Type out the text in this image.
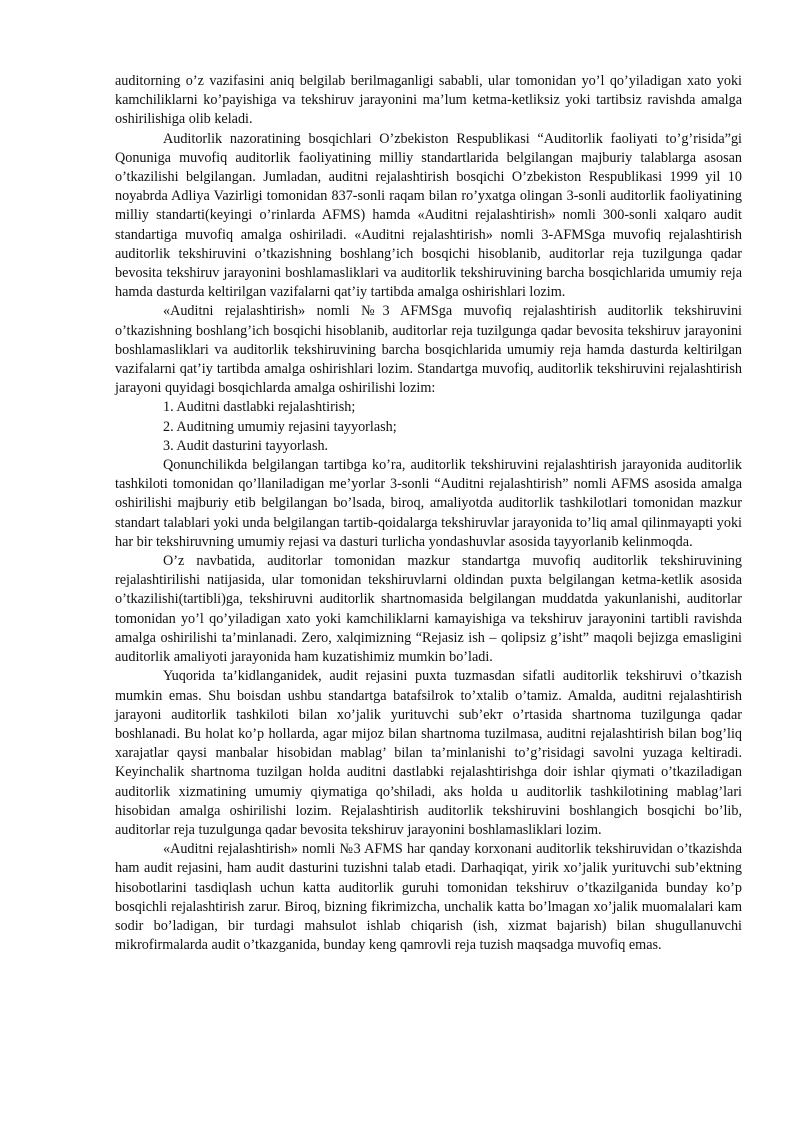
auditorning o’z vazifasini aniq belgilab berilmaganligi sababli, ular tomonidan yo’l qo’yiladigan xato yoki kamchiliklarni ko’payishiga va tekshiruv jarayonini ma’lum ketma-ketliksiz yoki tartibsiz ravishda amalga oshirilishiga olib keladi.

Auditorlik nazoratining bosqichlari O’zbekiston Respublikasi “Auditorlik faoliyati to’g’risida”gi Qonuniga muvofiq auditorlik faoliyatining milliy standartlarida belgilangan majburiy talablarga asosan o’tkazilishi belgilangan. Jumladan, auditni rejalashtirish bosqichi O’zbekiston Respublikasi 1999 yil 10 noyabrda Adliya Vazirligi tomonidan 837-sonli raqam bilan ro’yxatga olingan 3-sonli auditorlik faoliyatining milliy standarti(keyingi o’rinlarda AFMS) hamda «Auditni rejalashtirish» nomli 300-sonli xalqaro audit standartiga muvofiq amalga oshiriladi. «Auditni rejalashtirish» nomli 3-AFMSga muvofiq rejalashtirish auditorlik tekshiruvini o’tkazishning boshlang’ich bosqichi hisoblanib, auditorlar reja tuzilgunga qadar bevosita tekshiruv jarayonini boshlamasliklari va auditorlik tekshiruvining barcha bosqichlarida umumiy reja hamda dasturda keltirilgan vazifalarni qat’iy tartibda amalga oshirishlari lozim.

«Auditni rejalashtirish» nomli №3 AFMSga muvofiq rejalashtirish auditorlik tekshiruvini o’tkazishning boshlang’ich bosqichi hisoblanib, auditorlar reja tuzilgunga qadar bevosita tekshiruv jarayonini boshlamasliklari va auditorlik tekshiruvining barcha bosqichlarida umumiy reja hamda dasturda keltirilgan vazifalarni qat’iy tartibda amalga oshirishlari lozim. Standartga muvofiq, auditorlik tekshiruvini rejalashtirish jarayoni quyidagi bosqichlarda amalga oshirilishi lozim:

1. Auditni dastlabki rejalashtirish;

2. Auditning umumiy rejasini tayyorlash;

3. Audit dasturini tayyorlash.

Qonunchilikda belgilangan tartibga ko’ra, auditorlik tekshiruvini rejalashtirish jarayonida auditorlik tashkiloti tomonidan qo’llaniladigan me’yorlar 3-sonli “Auditni rejalashtirish” nomli AFMS asosida amalga oshirilishi majburiy etib belgilangan bo’lsada, biroq, amaliyotda auditorlik tashkilotlari tomonidan mazkur standart talablari yoki unda belgilangan tartib-qoidalarga tekshiruvlar jarayonida to’liq amal qilinmayapti yoki har bir tekshiruvning umumiy rejasi va dasturi turlicha yondashuvlar asosida tayyorlanib kelinmoqda.

O’z navbatida, auditorlar tomonidan mazkur standartga muvofiq auditorlik tekshiruvining rejalashtirilishi natijasida, ular tomonidan tekshiruvlarni oldindan puxta belgilangan ketma-ketlik asosida o’tkazilishi(tartibli)ga, tekshiruvni auditorlik shartnomasida belgilangan muddatda yakunlanishi, auditorlar tomonidan yo’l qo’yiladigan xato yoki kamchiliklarni kamayishiga va tekshiruv jarayonini tartibli ravishda amalga oshirilishi ta’minlanadi. Zero, xalqimizning “Rejasiz ish – qolipsiz g’isht” maqoli bejizga emasligini auditorlik amaliyoti jarayonida ham kuzatishimiz mumkin bo’ladi.

Yuqorida ta’kidlanganidek, audit rejasini puxta tuzmasdan sifatli auditorlik tekshiruvi o’tkazish mumkin emas. Shu boisdan ushbu standartga batafsilrok to’xtalib o’tamiz. Amalda, auditni rejalashtirish jarayoni auditorlik tashkiloti bilan xo’jalik yurituvchi sub’ekт o’rtasida shartnoma tuzilgunga qadar boshlanadi. Bu holat ko’p hollarda, agar mijoz bilan shartnoma tuzilmasa, auditni rejalashtirish bilan bog’liq xarajatlar qaysi manbalar hisobidan mablag’ bilan ta’minlanishi to’g’risidagi savolni yuzaga keltiradi. Keyinchalik shartnoma tuzilgan holda auditni dastlabki rejalashtirishga doir ishlar qiymati o’tkaziladigan auditorlik xizmatining umumiy qiymatiga qo’shiladi, aks holda u auditorlik tashkilotining mablag’lari hisobidan amalga oshirilishi lozim. Rejalashtirish auditorlik tekshiruvini boshlangich bosqichi bo’lib, auditorlar reja tuzulgunga qadar bevosita tekshiruv jarayonini boshlamasliklari lozim.

«Auditni rejalashtirish» nomli №3 AFMS har qanday korxonani auditorlik tekshiruvidan o’tkazishda ham audit rejasini, ham audit dasturini tuzishni talab etadi. Darhaqiqat, yirik xo’jalik yurituvchi sub’ektning hisobotlarini tasdiqlash uchun katta auditorlik guruhi tomonidan tekshiruv o’tkazilganida bunday ko’p bosqichli rejalashtirish zarur. Biroq, bizning fikrimizcha, unchalik katta bo’lmagan xo’jalik muomalalari kam sodir bo’ladigan, bir turdagi mahsulot ishlab chiqarish (ish, xizmat bajarish) bilan shugullanuvchi mikrofirmalarda audit o’tkazganida, bunday keng qamrovli reja tuzish maqsadga muvofiq emas.
